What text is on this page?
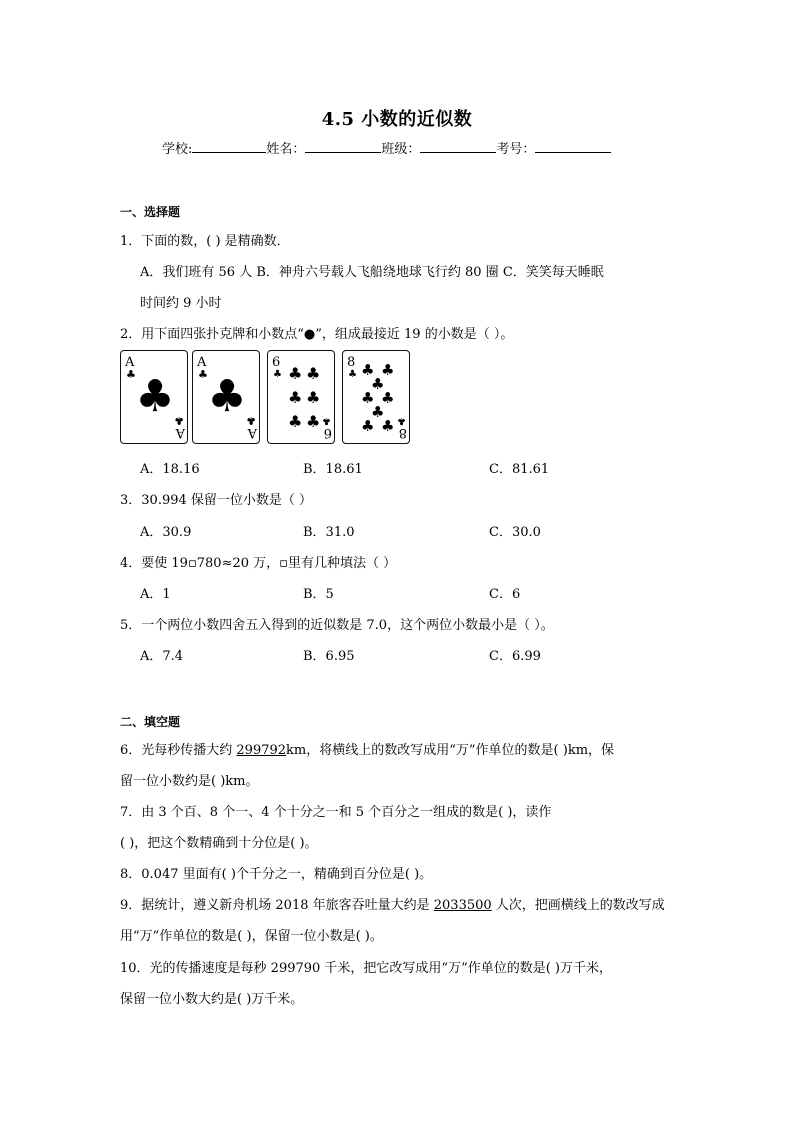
4.5 小数的近似数
学校:	姓名：	班级：	考号：
一、选择题
1．下面的数，( ) 是精确数．
A．我们班有 56 人 B．神舟六号载人飞船绕地球飞行约 80 圈 C．笑笑每天睡眠
时间约 9 小时
2．用下面四张扑克牌和小数点“●”，组成最接近 19 的小数是（ ）。
A
♣ ♣
A
♣
A
♣ ♣
A
♣
6
♣ ♣ ♣
♣ ♣
♣ ♣
6
♣
8
♣ ♣ ♣
♣
♣ ♣
♣
♣ ♣ 8
♣
A．18.16	B．18.61	C．81.61
3．30.994 保留一位小数是（ ）
A．30.9	B．31.0	C．30.0
4．要使 19▫780≈20 万，▫里有几种填法（ ）
A．1	B．5	C．6
5．一个两位小数四舍五入得到的近似数是 7.0，这个两位小数最小是（ ）。
A．7.4	B．6.95	C．6.99
二、填空题
6．光每秒传播大约 299792km，将横线上的数改写成用“万”作单位的数是( )km，保
留一位小数约是( )km。
7．由 3 个百、8 个一、4 个十分之一和 5 个百分之一组成的数是( )，读作
( )，把这个数精确到十分位是( )。
8．0.047 里面有( )个千分之一，精确到百分位是( )。
9．据统计，遵义新舟机场 2018 年旅客吞吐量大约是 2033500 人次，把画横线上的数改写成
用“万”作单位的数是( )，保留一位小数是( )。
10．光的传播速度是每秒 299790 千米，把它改写成用“万”作单位的数是( )万千米，
保留一位小数大约是( )万千米。
